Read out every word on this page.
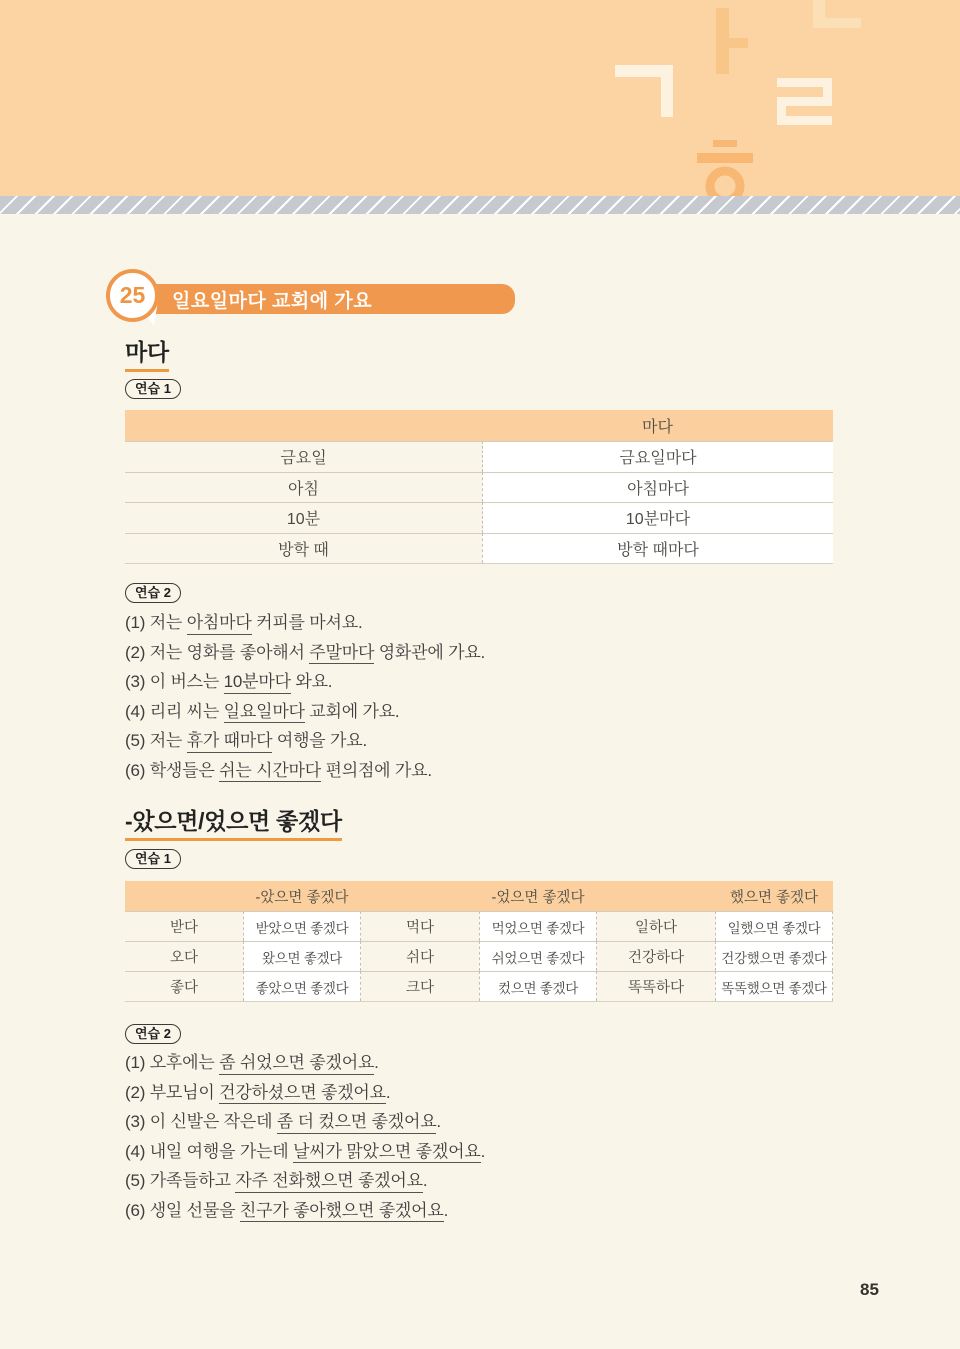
일요일마다 교회에 가요
25
마다
연습 1
마다
금요일	금요일마다
아침	아침마다
10분	10분마다
방학 때	방학 때마다
연습 2
(1) 저는 아침마다 커피를 마셔요.
(2) 저는 영화를 좋아해서 주말마다 영화관에 가요.
(3) 이 버스는 10분마다 와요.
(4) 리리 씨는 일요일마다 교회에 가요.
(5) 저는 휴가 때마다 여행을 가요.
(6) 학생들은 쉬는 시간마다 편의점에 가요.
-았으면/었으면 좋겠다
연습 1
-았으면 좋겠다	-었으면 좋겠다	했으면 좋겠다
받다	받았으면 좋겠다	먹다	먹었으면 좋겠다	일하다	일했으면 좋겠다
오다	왔으면 좋겠다	쉬다	쉬었으면 좋겠다	건강하다	건강했으면 좋겠다
좋다	좋았으면 좋겠다	크다	컸으면 좋겠다	똑똑하다	똑똑했으면 좋겠다
연습 2
(1) 오후에는 좀 쉬었으면 좋겠어요.
(2) 부모님이 건강하셨으면 좋겠어요.
(3) 이 신발은 작은데 좀 더 컸으면 좋겠어요.
(4) 내일 여행을 가는데 날씨가 맑았으면 좋겠어요.
(5) 가족들하고 자주 전화했으면 좋겠어요.
(6) 생일 선물을 친구가 좋아했으면 좋겠어요.
85
